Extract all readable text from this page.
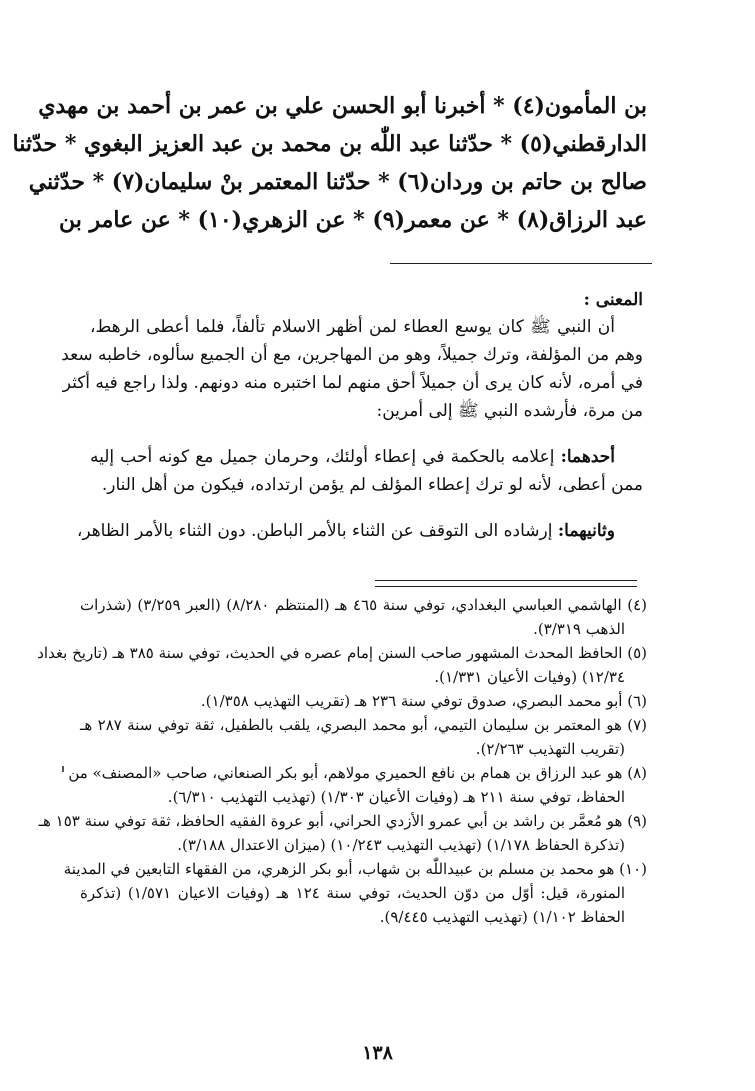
بن المأمون(٤) * أخبرنا أبو الحسن علي بن عمر بن أحمد بن مهدي
الدارقطني(٥) * حدّثنا عبد اللّٰه بن محمد بن عبد العزيز البغوي * حدّثنا
صالح بن حاتم بن وردان(٦) * حدّثنا المعتمر بنْ سليمان(٧) * حدّثني
عبد الرزاق(٨) * عن معمر(٩) * عن الزهري(١٠) * عن عامر بن
المعنى :
أن النبي ﷺ كان يوسع العطاء لمن أظهر الاسلام تألفاً، فلما أعطى الرهط،
وهم من المؤلفة، وترك جميلاً، وهو من المهاجرين، مع أن الجميع سألوه، خاطبه سعد
في أمره، لأنه كان يرى أن جميلاً أحق منهم لما اختبره منه دونهم. ولذا راجع فيه أكثر
من مرة، فأرشده النبي ﷺ إلى أمرين:
أحدهما: إعلامه بالحكمة في إعطاء أولئك، وحرمان جميل مع كونه أحب إليه
ممن أعطى، لأنه لو ترك إعطاء المؤلف لم يؤمن ارتداده، فيكون من أهل النار.
وثانيهما: إرشاده الى التوقف عن الثناء بالأمر الباطن. دون الثناء بالأمر الظاهر،
(٤) الهاشمي العباسي البغدادي، توفي سنة ٤٦٥ هـ (المنتظم ٨/٢٨٠) (العبر ٣/٢٥٩) (شذرات
الذهب ٣/٣١٩).
(٥) الحافظ المحدث المشهور صاحب السنن إمام عصره في الحديث، توفي سنة ٣٨٥ هـ (تاريخ بغداد
١٢/٣٤) (وفيات الأعيان ١/٣٣١).
(٦) أبو محمد البصري، صدوق توفي سنة ٢٣٦ هـ (تقريب التهذيب ١/٣٥٨).
(٧) هو المعتمر بن سليمان التيمي، أبو محمد البصري، يلقب بالطفيل، ثقة توفي سنة ٢٨٧ هـ
(تقريب التهذيب ٢/٢٦٣).
(٨) هو عبد الرزاق بن همام بن نافع الحميري مولاهم، أبو بكر الصنعاني، صاحب «المصنف» من
الحفاظ، توفي سنة ٢١١ هـ (وفيات الأعيان ١/٣٠٣) (تهذيب التهذيب ٦/٣١٠).
(٩) هو مُعمَّر بن راشد بن أبي عمرو الأزدي الحراني، أبو عروة الفقيه الحافظ، ثقة توفي سنة ١٥٣ هـ
(تذكرة الحفاظ ١/١٧٨) (تهذيب التهذيب ١٠/٢٤٣) (ميزان الاعتدال ٣/١٨٨).
(١٠) هو محمد بن مسلم بن عبيداللّٰه بن شهاب، أبو بكر الزهري، من الفقهاء التابعين في المدينة
المنورة، قيل: أوّل من دوّن الحديث، توفي سنة ١٢٤ هـ (وفيات الاعيان ١/٥٧١) (تذكرة
الحفاظ ١/١٠٢) (تهذيب التهذيب ٩/٤٤٥).
١٣٨
